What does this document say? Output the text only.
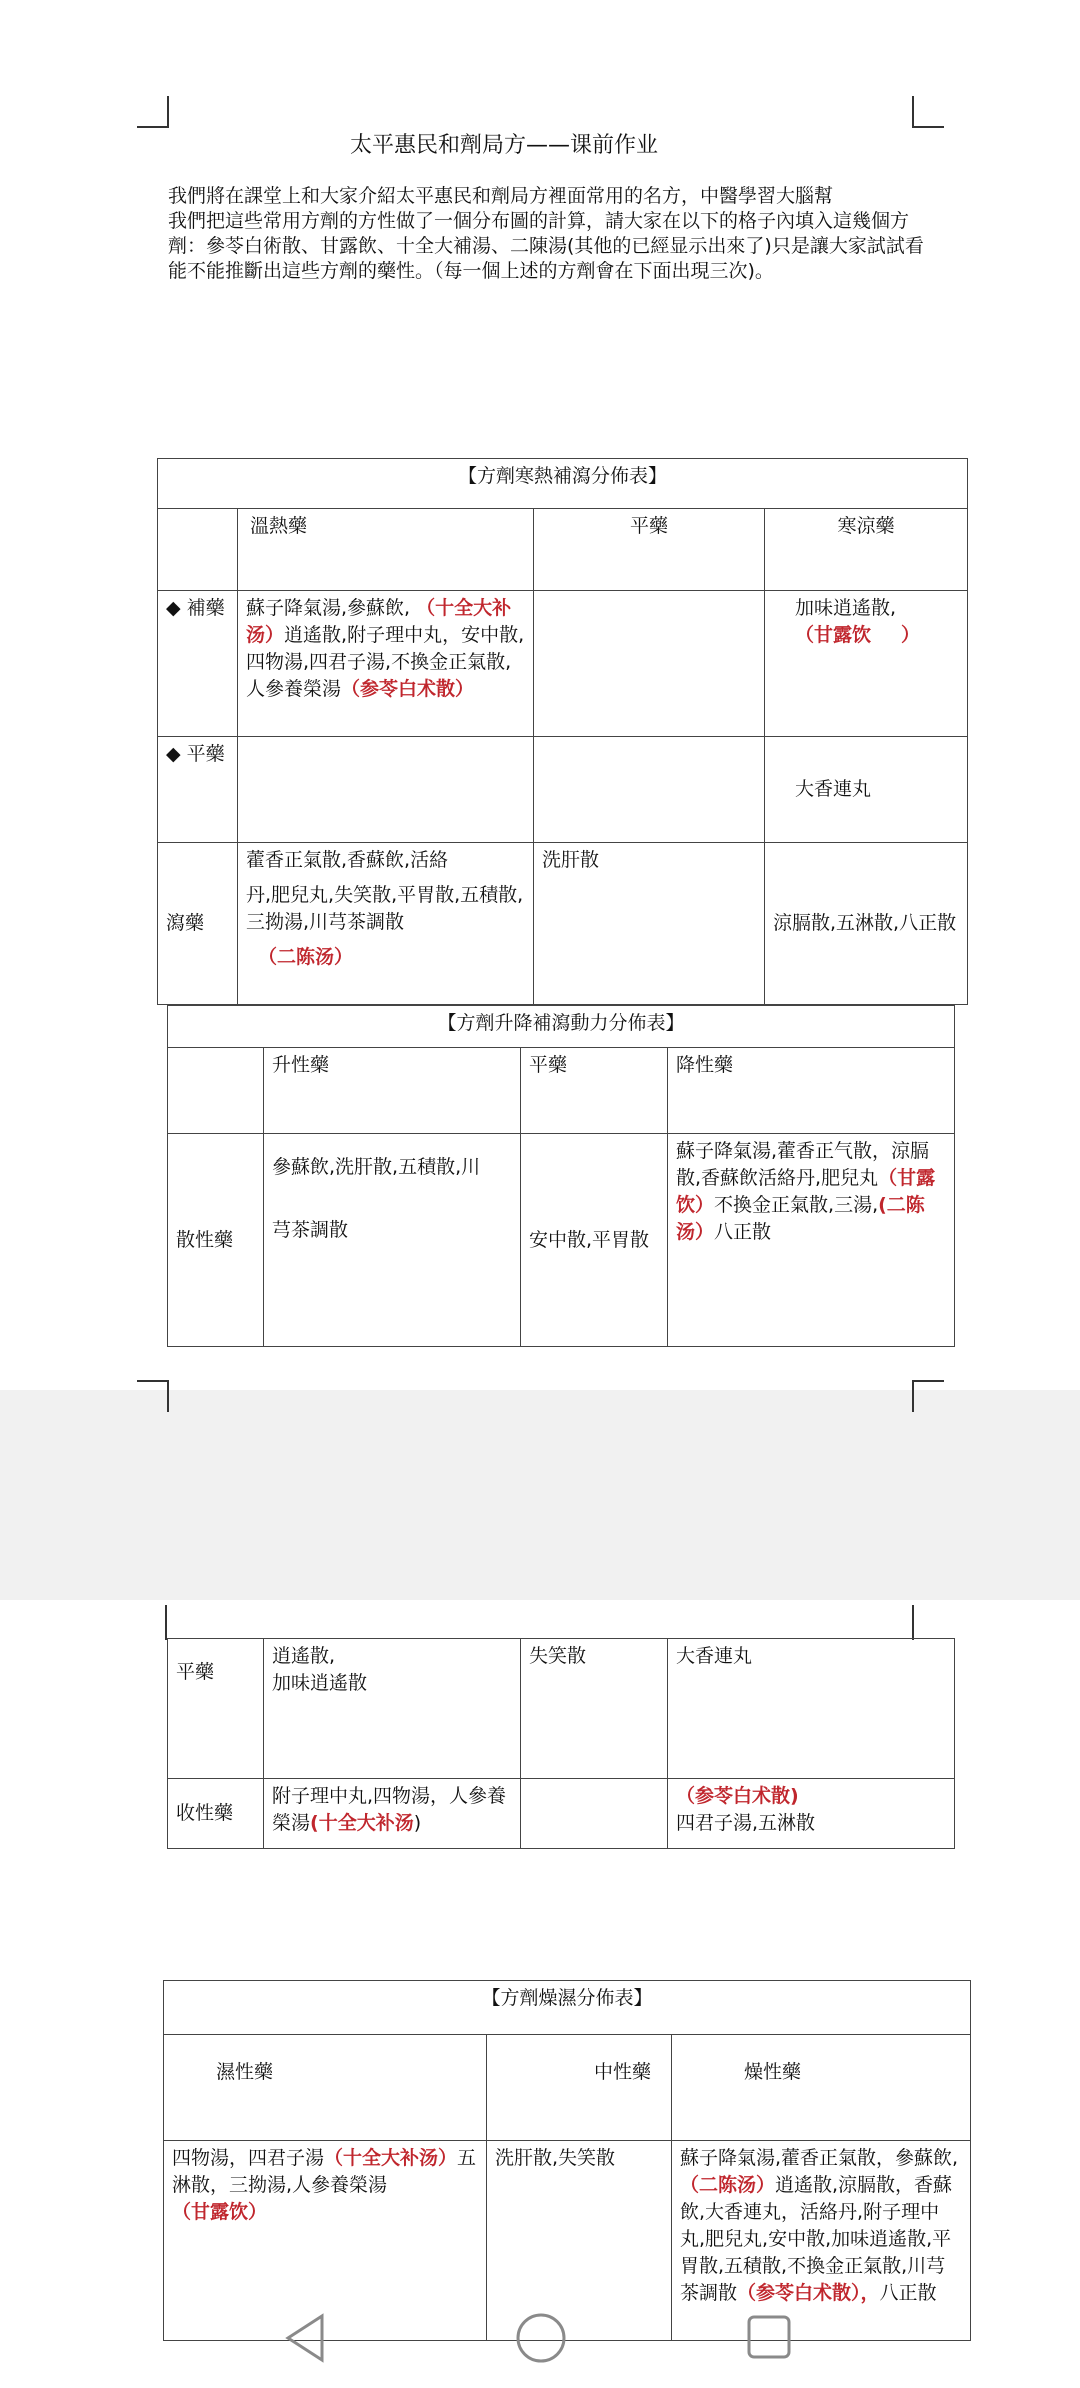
太平惠民和劑局方——课前作业
我們將在課堂上和大家介紹太平惠民和劑局方裡面常用的名方，中醫學習大腦幫
我們把這些常用方劑的方性做了一個分布圖的計算，請大家在以下的格子內填入這幾個方劑：參苓白術散、甘露飲、十全大補湯、二陳湯(其他的已經显示出來了)只是讓大家試試看能不能推斷出這些方劑的藥性。（每一個上述的方劑會在下面出現三次)。
【方劑寒熱補瀉分佈表】			
	溫熱藥	平藥	寒涼藥
◆ 補藥	蘇子降氣湯,參蘇飲, （十全大补汤）逍遙散,附子理中丸，安中散,四物湯,四君子湯,不換金正氣散,人參養榮湯（参苓白术散）		加味逍遙散,
（甘露饮 ）
◆ 平藥			大香連丸
瀉藥	藿香正氣散,香蘇飲,活絡
丹,肥兒丸,失笑散,平胃散,五積散,三拗湯,川芎茶調散
（二陈汤）	洗肝散	涼膈散,五淋散,八正散
【方劑升降補瀉動力分佈表】			
	升性藥	平藥	降性藥
散性藥	參蘇飲,洗肝散,五積散,川
芎茶調散	安中散,平胃散	蘇子降氣湯,藿香正气散，涼膈散,香蘇飲活絡丹,肥兒丸（甘露饮）不換金正氣散,三湯,(二陈汤）八正散
平藥	逍遙散,
加味逍遙散	失笑散	大香連丸
收性藥	附子理中丸,四物湯，人參養榮湯(十全大补汤)		（参苓白术散)
四君子湯,五淋散
【方劑燥濕分佈表】		
濕性藥	中性藥	燥性藥
四物湯，四君子湯（十全大补汤）五淋散，三拗湯,人參養榮湯（甘露饮）	洗肝散,失笑散	蘇子降氣湯,藿香正氣散，參蘇飲,（二陈汤）逍遙散,涼膈散，香蘇飲,大香連丸，活絡丹,附子理中丸,肥兒丸,安中散,加味逍遙散,平胃散,五積散,不換金正氣散,川芎茶調散（参苓白术散），八正散
